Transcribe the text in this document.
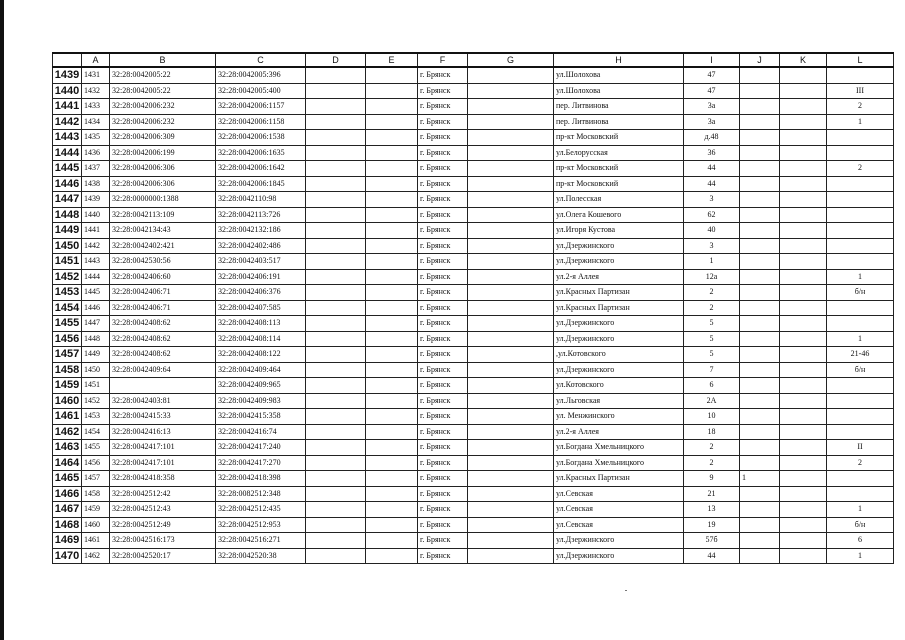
	A	B	C	D	E	F	G	H	I	J	K	L
1439	1431	32:28:0042005:22	32:28:0042005:396			г. Брянск		ул.Шолохова	47			
1440	1432	32:28:0042005:22	32:28:0042005:400			г. Брянск		ул.Шолохова	47			III
1441	1433	32:28:0042006:232	32:28:0042006:1157			г. Брянск		пер. Литвинова	3а			2
1442	1434	32:28:0042006:232	32:28:0042006:1158			г. Брянск		пер. Литвинова	3а			1
1443	1435	32:28:0042006:309	32:28:0042006:1538			г. Брянск		пр-кт Московский	д.48			
1444	1436	32:28:0042006:199	32:28:0042006:1635			г. Брянск		ул.Белорусская	36			
1445	1437	32:28:0042006:306	32:28:0042006:1642			г. Брянск		пр-кт Московский	44			2
1446	1438	32:28:0042006:306	32:28:0042006:1845			г. Брянск		пр-кт Московский	44			
1447	1439	32:28:0000000:1388	32:28:0042110:98			г. Брянск		ул.Полесская	3			
1448	1440	32:28:0042113:109	32:28:0042113:726			г. Брянск		ул.Олега Кошевого	62			
1449	1441	32:28:0042134:43	32:28:0042132:186			г. Брянск		ул.Игоря Кустова	40			
1450	1442	32:28:0042402:421	32:28:0042402:486			г. Брянск		ул.Дзержинского	3			
1451	1443	32:28:0042530:56	32:28:0042403:517			г. Брянск		ул.Дзержинского	1			
1452	1444	32:28:0042406:60	32:28:0042406:191			г. Брянск		ул.2-я Аллея	12а			1
1453	1445	32:28:0042406:71	32:28:0042406:376			г. Брянск		ул.Красных Партизан	2			б/н
1454	1446	32:28:0042406:71	32:28:0042407:585			г. Брянск		ул.Красных Партизан	2			
1455	1447	32:28:0042408:62	32:28:0042408:113			г. Брянск		ул.Дзержинского	5			
1456	1448	32:28:0042408:62	32:28:0042408:114			г. Брянск		ул.Дзержинского	5			1
1457	1449	32:28:0042408:62	32:28:0042408:122			г. Брянск		,ул.Котовского	5			21-46
1458	1450	32:28:0042409:64	32:28:0042409:464			г. Брянск		ул.Дзержинского	7			б/н
1459	1451		32:28:0042409:965			г. Брянск		ул.Котовского	6			
1460	1452	32:28:0042403:81	32:28:0042409:983			г. Брянск		ул.Льговская	2А			
1461	1453	32:28:0042415:33	32:28:0042415:358			г. Брянск		ул. Менжинского	10			
1462	1454	32:28:0042416:13	32:28:0042416:74			г. Брянск		ул.2-я Аллея	18			
1463	1455	32:28:0042417:101	32:28:0042417:240			г. Брянск		ул.Богдана Хмельницкого	2			II
1464	1456	32:28:0042417:101	32:28:0042417:270			г. Брянск		ул.Богдана Хмельницкого	2			2
1465	1457	32:28:0042418:358	32:28:0042418:398			г. Брянск		ул.Красных Партизан	9	1		
1466	1458	32:28:0042512:42	32:28:0082512:348			г. Брянск		ул.Севская	21			
1467	1459	32:28:0042512:43	32:28:0042512:435			г. Брянск		ул.Севская	13			1
1468	1460	32:28:0042512:49	32:28:0042512:953			г. Брянск		ул.Севская	19			б/н
1469	1461	32:28:0042516:173	32:28:0042516:271			г. Брянск		ул.Дзержинского	57б			6
1470	1462	32:28:0042520:17	32:28:0042520:38			г. Брянск		ул.Дзержинского	44			1
